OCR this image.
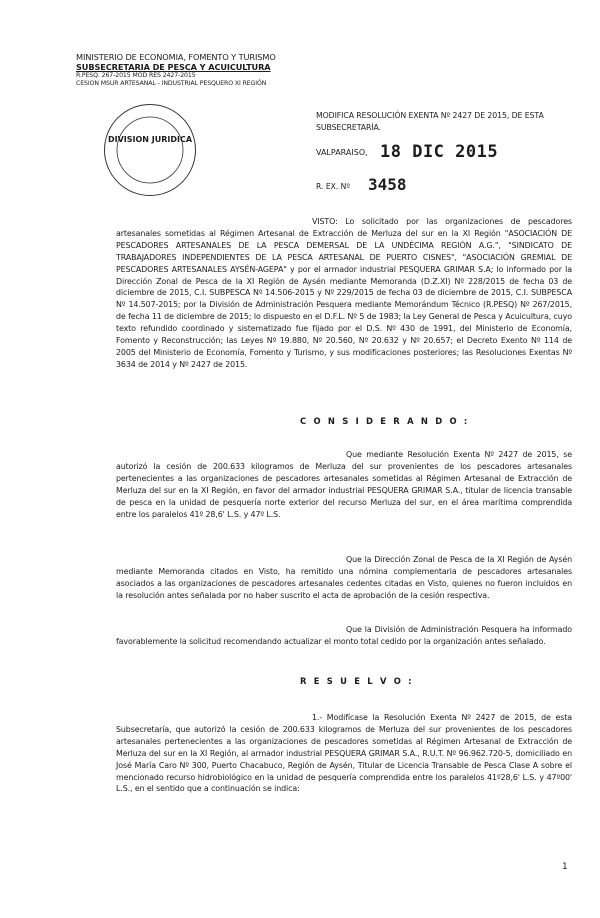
MINISTERIO DE ECONOMIA, FOMENTO Y TURISMO
SUBSECRETARIA DE PESCA Y ACUICULTURA
R.PESQ. 267-2015 MOD RES 2427-2015
CESION MSUR ARTESANAL - INDUSTRIAL PESQUERO XI REGIÓN
DIVISION JURIDICA
MODIFICA RESOLUCIÓN EXENTA Nº 2427 DE 2015, DE ESTA SUBSECRETARÍA.
VALPARAISO, 18 DIC 2015
R. EX. Nº 3458
VISTO: Lo solicitado por las organizaciones de pescadores artesanales sometidas al Régimen Artesanal de Extracción de Merluza del sur en la XI Región "ASOCIACIÓN DE PESCADORES ARTESANALES DE LA PESCA DEMERSAL DE LA UNDÉCIMA REGIÓN A.G.", "SINDICATO DE TRABAJADORES INDEPENDIENTES DE LA PESCA ARTESANAL DE PUERTO CISNES", "ASOCIACIÓN GREMIAL DE PESCADORES ARTESANALES AYSÉN-AGEPA" y por el armador industrial PESQUERA GRIMAR S.A; lo informado por la Dirección Zonal de Pesca de la XI Región de Aysén mediante Memoranda (D.Z.XI) Nº 228/2015 de fecha 03 de diciembre de 2015, C.I. SUBPESCA Nº 14.506-2015 y Nº 229/2015 de fecha 03 de diciembre de 2015, C.I. SUBPESCA Nº 14.507-2015; por la División de Administración Pesquera mediante Memorándum Técnico (R.PESQ) Nº 267/2015, de fecha 11 de diciembre de 2015; lo dispuesto en el D.F.L. Nº 5 de 1983; la Ley General de Pesca y Acuicultura, cuyo texto refundido coordinado y sistematizado fue fijado por el D.S. Nº 430 de 1991, del Ministerio de Economía, Fomento y Reconstrucción; las Leyes Nº 19.880, Nº 20.560, Nº 20.632 y Nº 20.657; el Decreto Exento Nº 114 de 2005 del Ministerio de Economía, Fomento y Turismo, y sus modificaciones posteriores; las Resoluciones Exentas Nº 3634 de 2014 y Nº 2427 de 2015.
C O N S I D E R A N D O :
Que mediante Resolución Exenta Nº 2427 de 2015, se autorizó la cesión de 200.633 kilogramos de Merluza del sur provenientes de los pescadores artesanales pertenecientes a las organizaciones de pescadores artesanales sometidas al Régimen Artesanal de Extracción de Merluza del sur en la XI Región, en favor del armador industrial PESQUERA GRIMAR S.A., titular de licencia transable de pesca en la unidad de pesquería norte exterior del recurso Merluza del sur, en el área marítima comprendida entre los paralelos 41º 28,6' L.S. y 47º L.S.
Que la Dirección Zonal de Pesca de la XI Región de Aysén mediante Memoranda citados en Visto, ha remitido una nómina complementaria de pescadores artesanales asociados a las organizaciones de pescadores artesanales cedentes citadas en Visto, quienes no fueron incluidos en la resolución antes señalada por no haber suscrito el acta de aprobación de la cesión respectiva.
Que la División de Administración Pesquera ha informado favorablemente la solicitud recomendando actualizar el monto total cedido por la organización antes señalado.
R E S U E L V O :
1.- Modifícase la Resolución Exenta Nº 2427 de 2015, de esta Subsecretaría, que autorizó la cesión de 200.633 kilogramos de Merluza del sur provenientes de los pescadores artesanales pertenecientes a las organizaciones de pescadores sometidas al Régimen Artesanal de Extracción de Merluza del sur en la XI Región, al armador industrial PESQUERA GRIMAR S.A., R.U.T. Nº 96.962.720-5, domiciliado en José María Caro Nº 300, Puerto Chacabuco, Región de Aysén, Titular de Licencia Transable de Pesca Clase A sobre el mencionado recurso hidrobiológico en la unidad de pesquería comprendida entre los paralelos 41º28,6' L.S. y 47º00' L.S., en el sentido que a continuación se indica:
1
